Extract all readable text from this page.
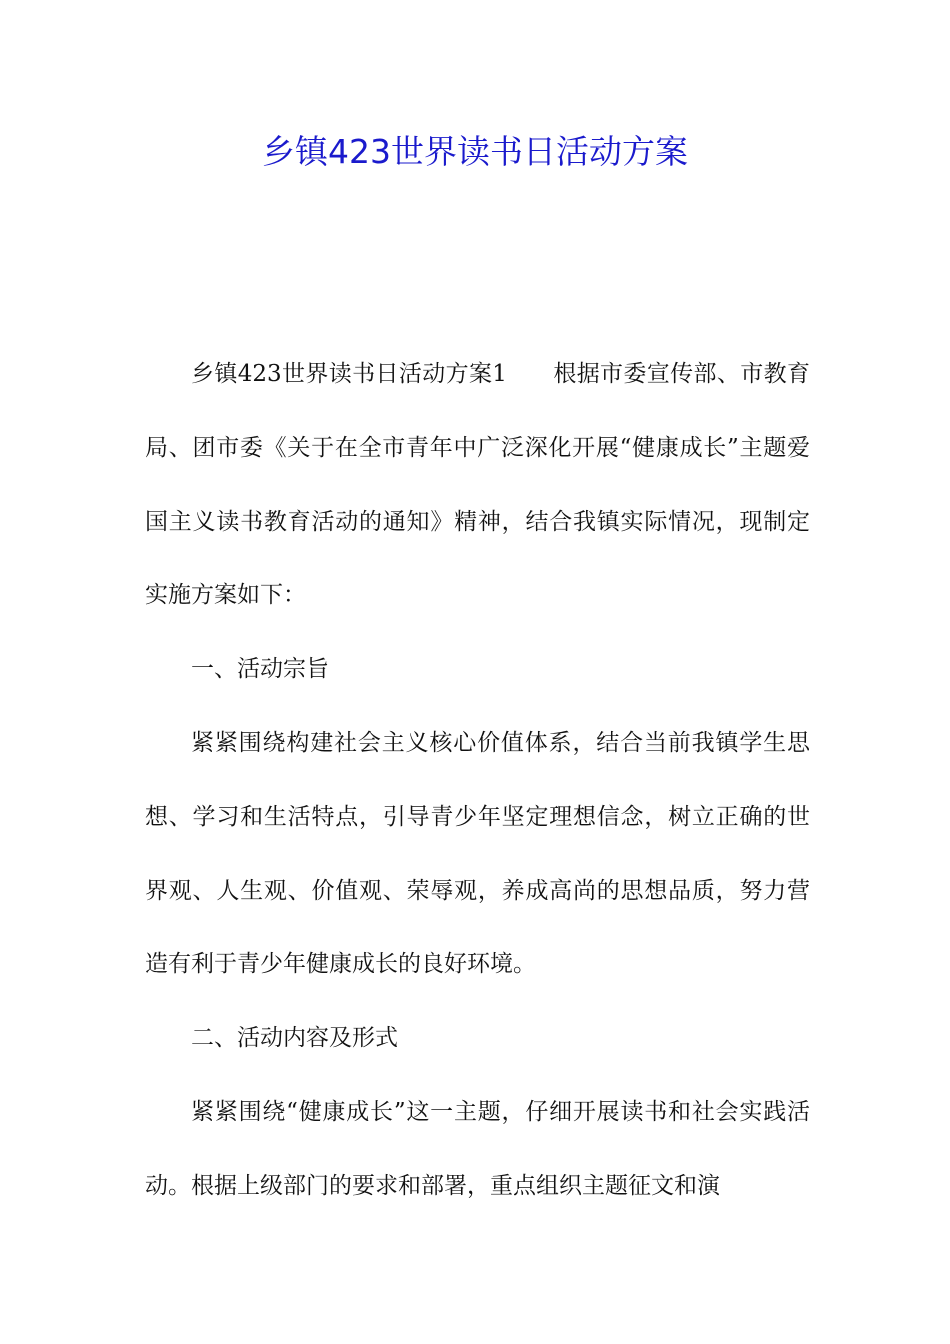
乡镇423世界读书日活动方案

乡镇423世界读书日活动方案1 根据市委宣传部、市教育局、团市委《关于在全市青年中广泛深化开展“健康成长”主题爱国主义读书教育活动的通知》精神，结合我镇实际情况，现制定实施方案如下：

一、活动宗旨

紧紧围绕构建社会主义核心价值体系，结合当前我镇学生思想、学习和生活特点，引导青少年坚定理想信念，树立正确的世界观、人生观、价值观、荣辱观，养成高尚的思想品质，努力营造有利于青少年健康成长的良好环境。

二、活动内容及形式

紧紧围绕“健康成长”这一主题，仔细开展读书和社会实践活动。根据上级部门的要求和部署，重点组织主题征文和演
